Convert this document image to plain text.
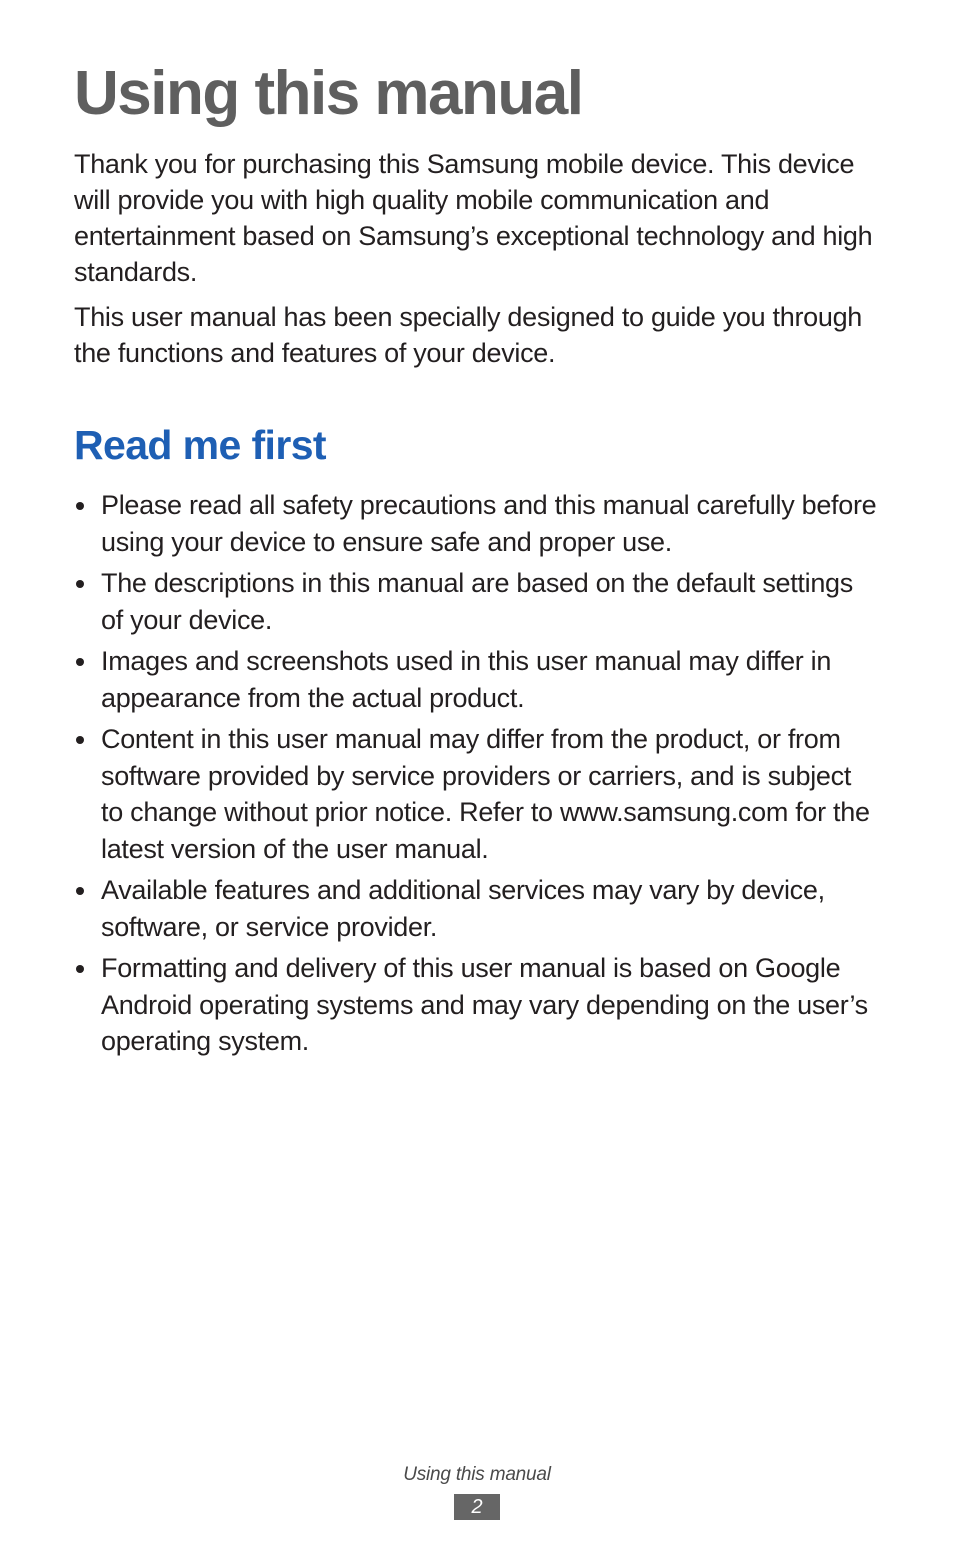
Using this manual

Thank you for purchasing this Samsung mobile device. This device will provide you with high quality mobile communication and entertainment based on Samsung’s exceptional technology and high standards.

This user manual has been specially designed to guide you through the functions and features of your device.

Read me first
Please read all safety precautions and this manual carefully before using your device to ensure safe and proper use.
The descriptions in this manual are based on the default settings of your device.
Images and screenshots used in this user manual may differ in appearance from the actual product.
Content in this user manual may differ from the product, or from software provided by service providers or carriers, and is subject to change without prior notice. Refer to www.samsung.com for the latest version of the user manual.
Available features and additional services may vary by device, software, or service provider.
Formatting and delivery of this user manual is based on Google Android operating systems and may vary depending on the user’s operating system.
Using this manual
2
